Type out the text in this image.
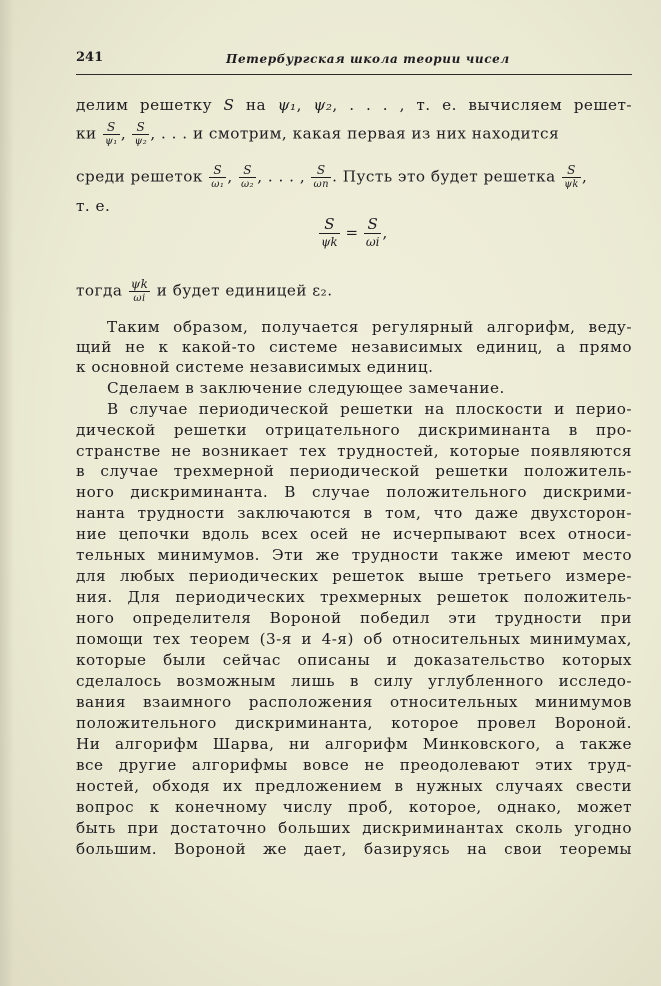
241	Петербургская школа теории чисел
делим решетку S на ψ₁, ψ₂, . . . , т. е. вычисляем решет-
ки $\frac{S}{\text{ψ₁}}$ , $\frac{S}{\text{ψ₂}}$ , . . . и смотрим, какая первая из них находится
среди решеток $\frac{S}{\text{ω₁}}$ , $\frac{S}{\text{ω₂}}$ , . . . , $\frac{S}{\omega n}$ . Пусть это будет решетка $\frac{S}{\psi k}$ ,
т. е.
$\frac{S}{\psi k} = \frac{S}{\omega i}$ ,
тогда $\frac{\psi k}{\omega i}$ и будет единицей ε₂.
Таким образом, получается регулярный алгорифм, веду-
щий не к какой-то системе независимых единиц, а прямо
к основной системе независимых единиц.
Сделаем в заключение следующее замечание.
В случае периодической решетки на плоскости и перио-
дической решетки отрицательного дискриминанта в про-
странстве не возникает тех трудностей, которые появляются
в случае трехмерной периодической решетки положитель-
ного дискриминанта. В случае положительного дискрими-
нанта трудности заключаются в том, что даже двухсторон-
ние цепочки вдоль всех осей не исчерпывают всех относи-
тельных минимумов. Эти же трудности также имеют место
для любых периодических решеток выше третьего измере-
ния. Для периодических трехмерных решеток положитель-
ного определителя Вороной победил эти трудности при
помощи тех теорем (3-я и 4-я) об относительных минимумах,
которые были сейчас описаны и доказательство которых
сделалось возможным лишь в силу углубленного исследо-
вания взаимного расположения относительных минимумов
положительного дискриминанта, которое провел Вороной.
Ни алгорифм Шарва, ни алгорифм Минковского, а также
все другие алгорифмы вовсе не преодолевают этих труд-
ностей, обходя их предложением в нужных случаях свести
вопрос к конечному числу проб, которое, однако, может
быть при достаточно больших дискриминантах сколь угодно
большим. Вороной же дает, базируясь на свои теоремы
